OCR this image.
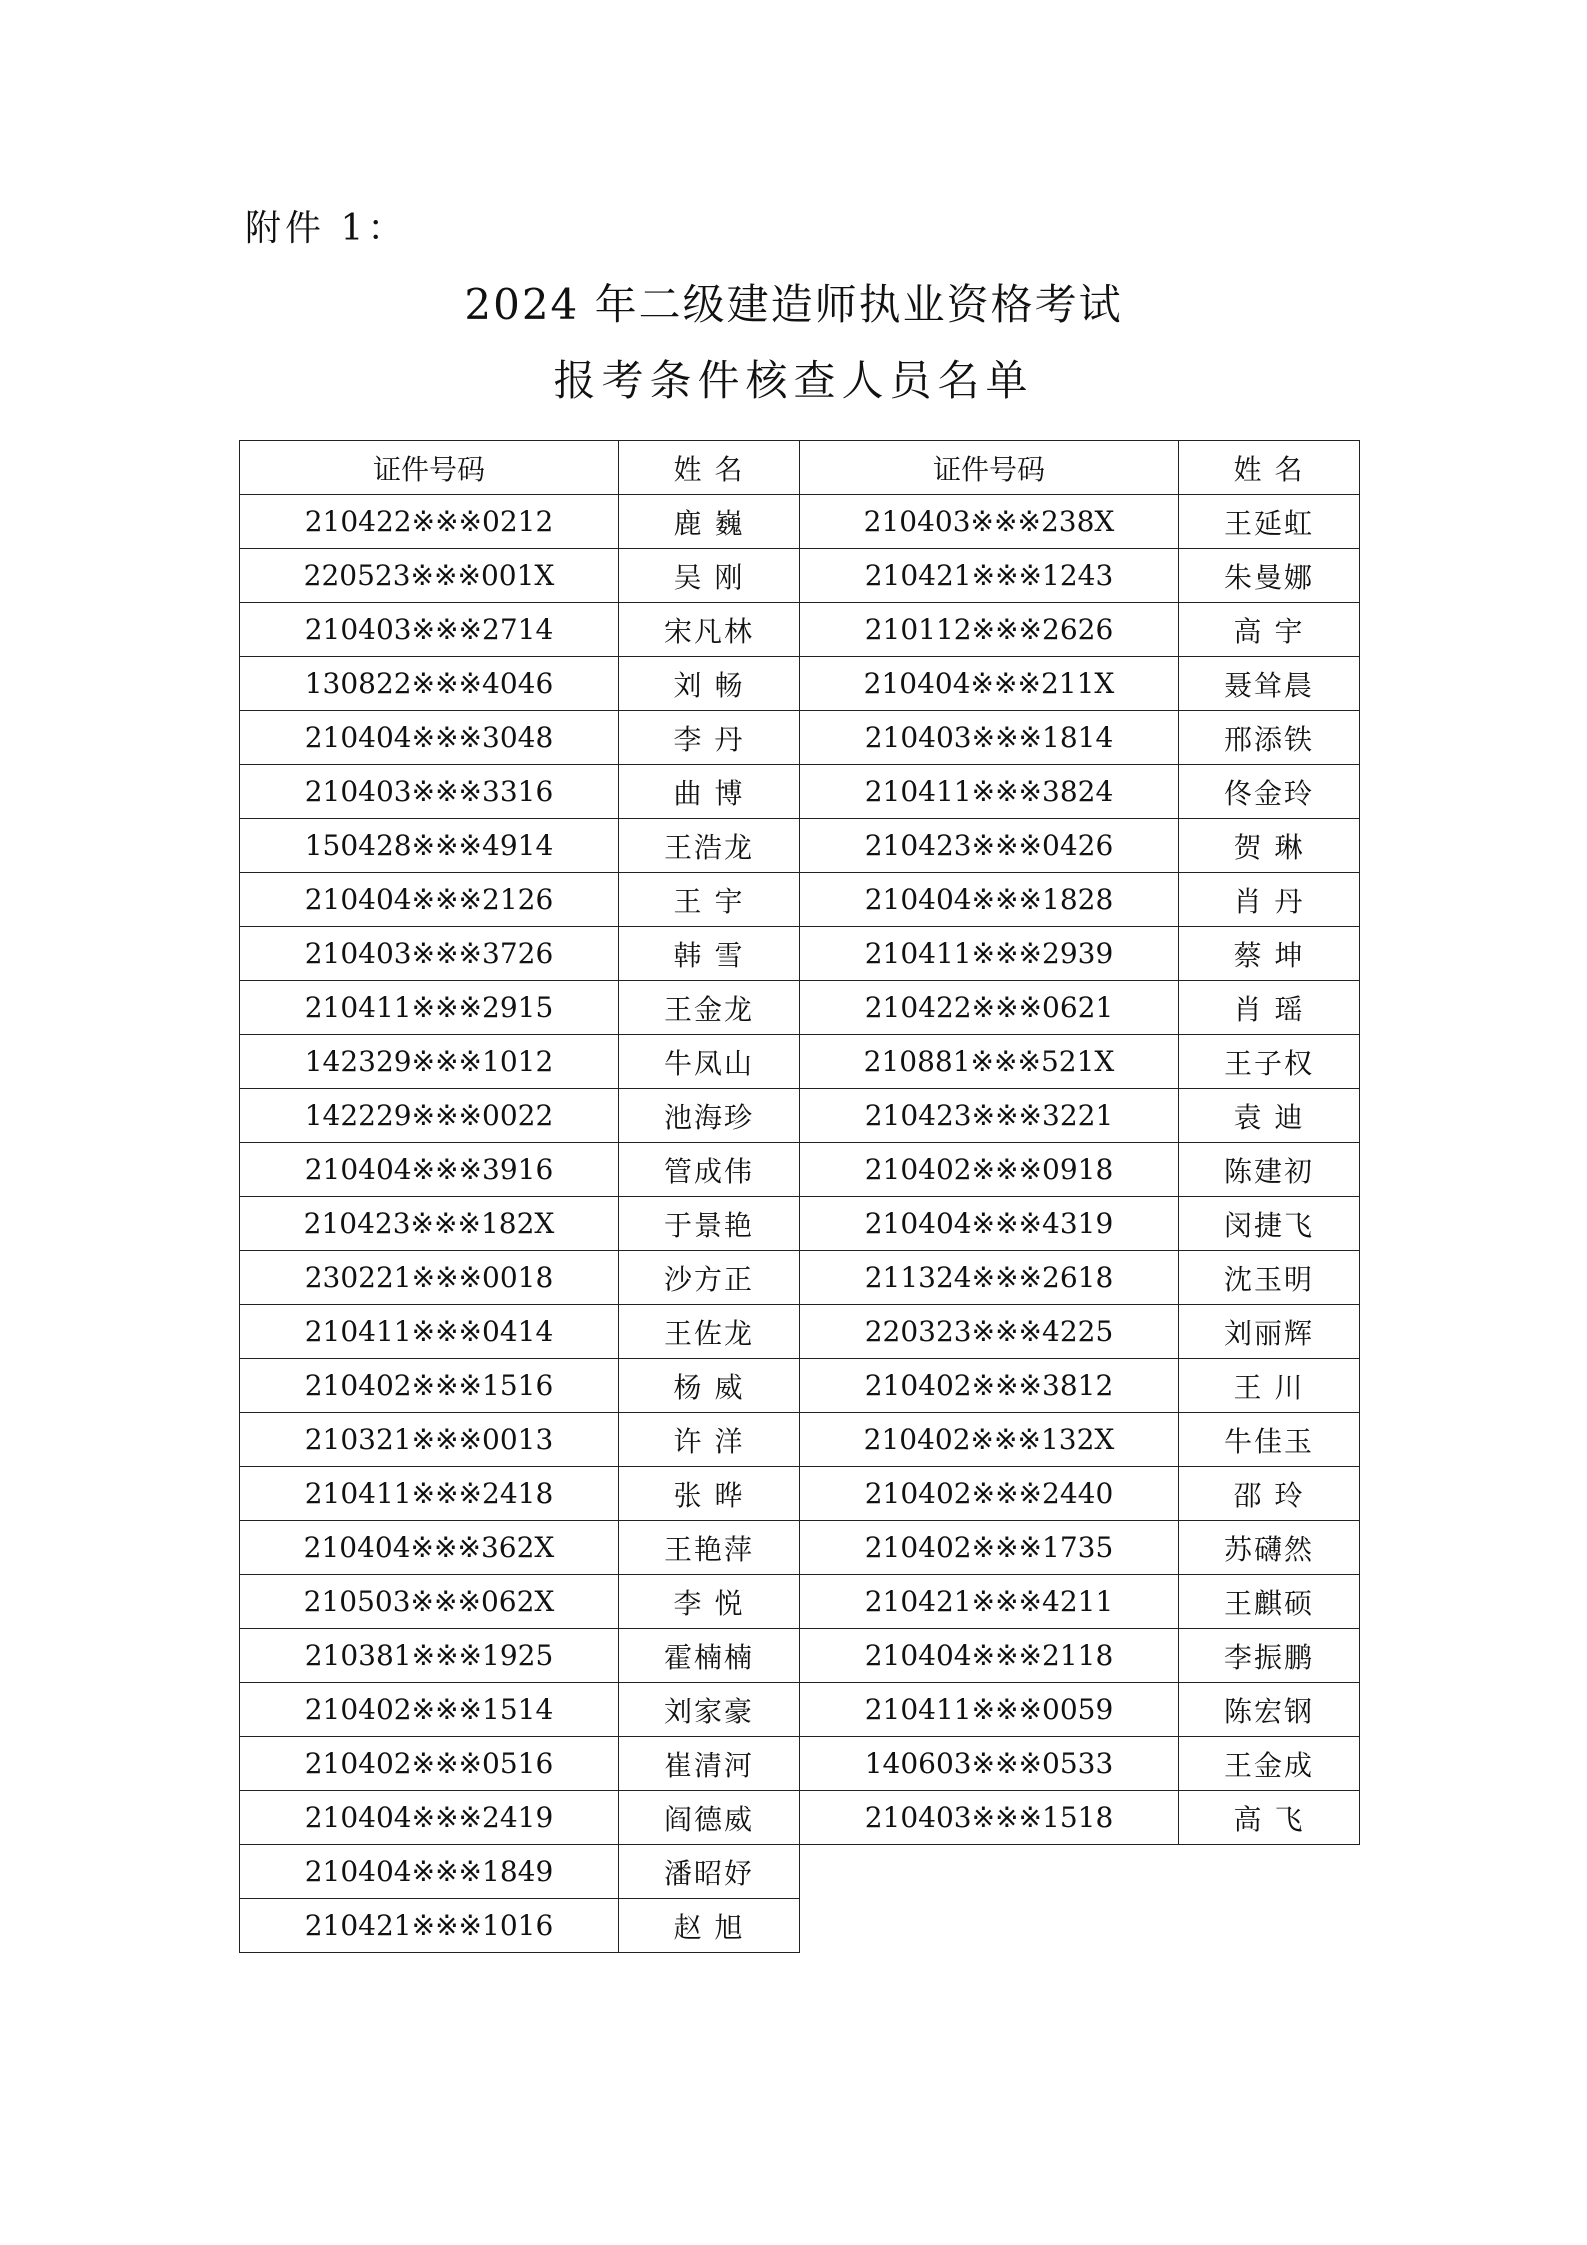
附件 1：
2024 年二级建造师执业资格考试
报考条件核查人员名单
证件号码	姓 名	证件号码	姓 名
210422※※※0212	鹿 巍	210403※※※238X	王延虹
220523※※※001X	吴 刚	210421※※※1243	朱曼娜
210403※※※2714	宋凡林	210112※※※2626	高 宇
130822※※※4046	刘 畅	210404※※※211X	聂耸晨
210404※※※3048	李 丹	210403※※※1814	邢添铁
210403※※※3316	曲 博	210411※※※3824	佟金玲
150428※※※4914	王浩龙	210423※※※0426	贺 琳
210404※※※2126	王 宇	210404※※※1828	肖 丹
210403※※※3726	韩 雪	210411※※※2939	蔡 坤
210411※※※2915	王金龙	210422※※※0621	肖 瑶
142329※※※1012	牛凤山	210881※※※521X	王子权
142229※※※0022	池海珍	210423※※※3221	袁 迪
210404※※※3916	管成伟	210402※※※0918	陈建初
210423※※※182X	于景艳	210404※※※4319	闵捷飞
230221※※※0018	沙方正	211324※※※2618	沈玉明
210411※※※0414	王佐龙	220323※※※4225	刘丽辉
210402※※※1516	杨 威	210402※※※3812	王 川
210321※※※0013	许 洋	210402※※※132X	牛佳玉
210411※※※2418	张 晔	210402※※※2440	邵 玲
210404※※※362X	王艳萍	210402※※※1735	苏礴然
210503※※※062X	李 悦	210421※※※4211	王麒硕
210381※※※1925	霍楠楠	210404※※※2118	李振鹏
210402※※※1514	刘家豪	210411※※※0059	陈宏钢
210402※※※0516	崔清河	140603※※※0533	王金成
210404※※※2419	阎德威	210403※※※1518	高 飞
210404※※※1849	潘昭妤		
210421※※※1016	赵 旭		
